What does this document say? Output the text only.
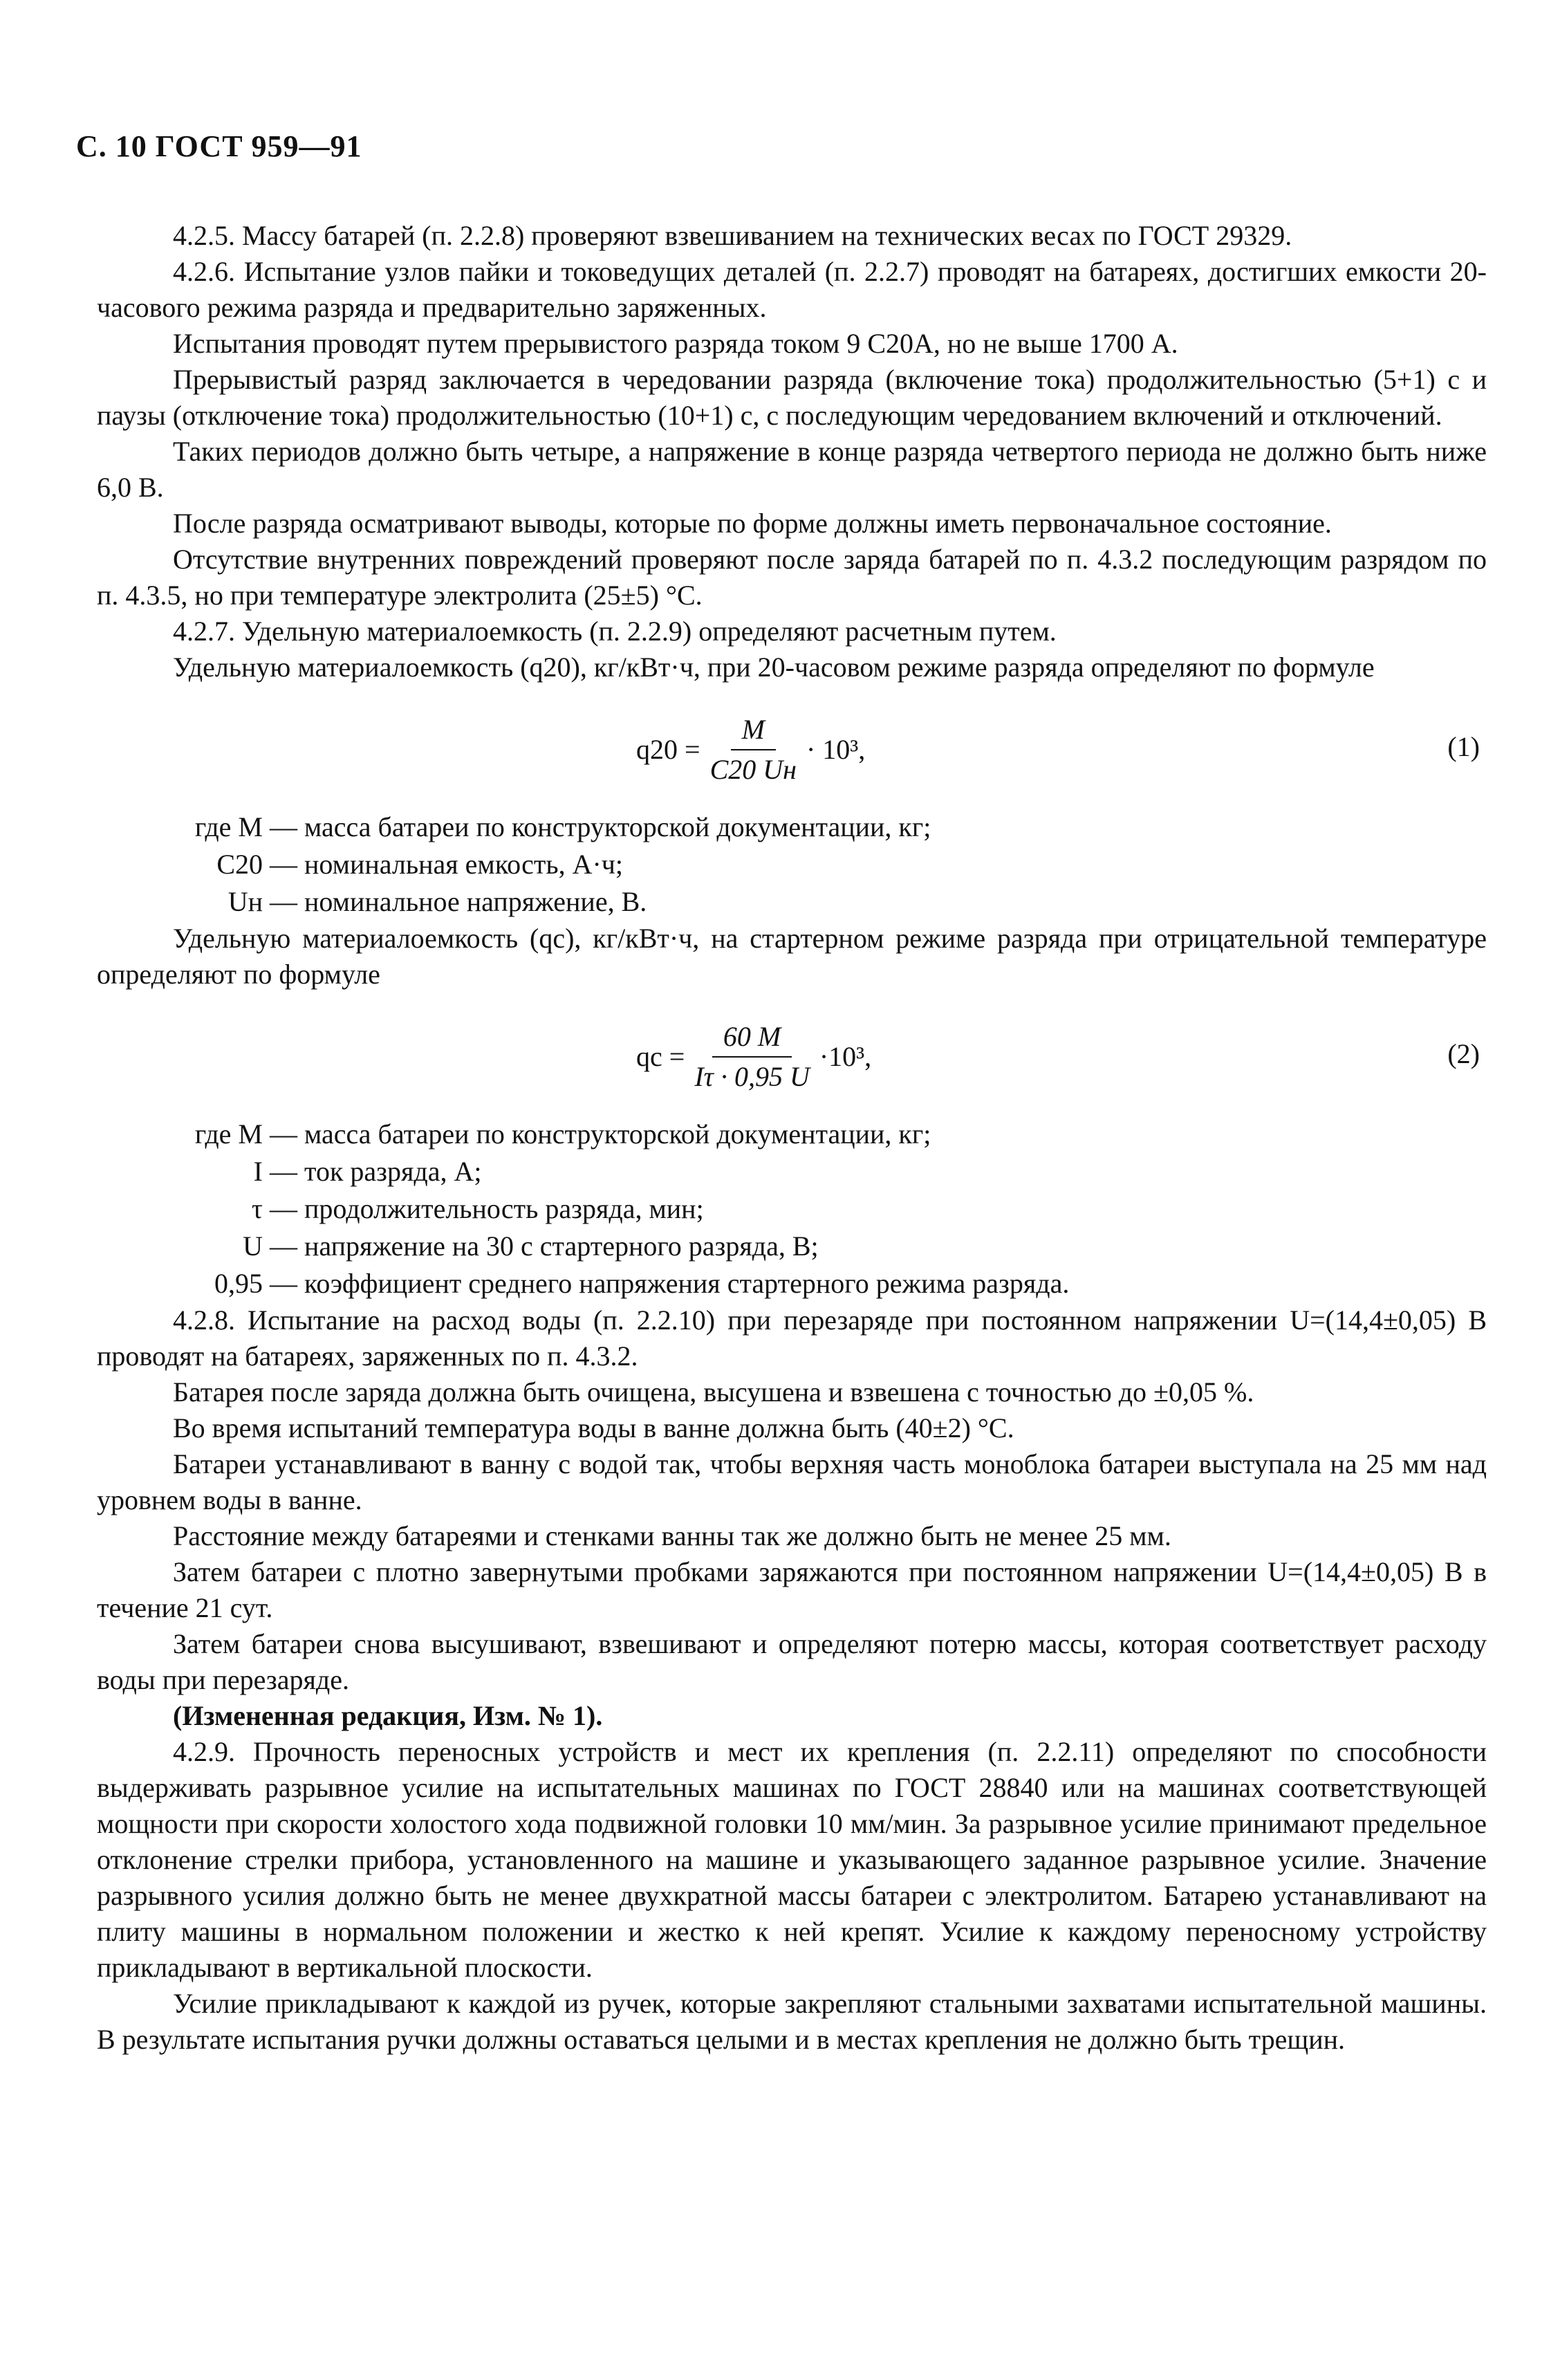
С. 10 ГОСТ 959—91

4.2.5. Массу батарей (п. 2.2.8) проверяют взвешиванием на технических весах по ГОСТ 29329.

4.2.6. Испытание узлов пайки и токоведущих деталей (п. 2.2.7) проводят на батареях, достигших емкости 20-часового режима разряда и предварительно заряженных.

Испытания проводят путем прерывистого разряда током 9 C20A, но не выше 1700 А.

Прерывистый разряд заключается в чередовании разряда (включение тока) продолжительностью (5+1) с и паузы (отключение тока) продолжительностью (10+1) с, с последующим чередованием включений и отключений.

Таких периодов должно быть четыре, а напряжение в конце разряда четвертого периода не должно быть ниже 6,0 В.

После разряда осматривают выводы, которые по форме должны иметь первоначальное состояние.

Отсутствие внутренних повреждений проверяют после заряда батарей по п. 4.3.2 последующим разрядом по п. 4.3.5, но при температуре электролита (25±5) °С.

4.2.7. Удельную материалоемкость (п. 2.2.9) определяют расчетным путем.

Удельную материалоемкость (q20), кг/кВт·ч, при 20-часовом режиме разряда определяют по формуле

$q20 = \frac{M}{C20 Uн} \cdot 10^3$,	(1)
где M — масса батареи по конструкторской документации, кг;
C20 — номинальная емкость, А·ч;
Uн — номинальное напряжение, В.

Удельную материалоемкость (qc), кг/кВт·ч, на стартерном режиме разряда при отрицательной температуре определяют по формуле

qc = $\frac{60 M}{I\tau \cdot 0,95 U} \cdot 10^3$,	(2)
где M — масса батареи по конструкторской документации, кг;
I — ток разряда, А;
τ — продолжительность разряда, мин;
U — напряжение на 30 с стартерного разряда, В;
0,95 — коэффициент среднего напряжения стартерного режима разряда.

4.2.8. Испытание на расход воды (п. 2.2.10) при перезаряде при постоянном напряжении U=(14,4±0,05) В проводят на батареях, заряженных по п. 4.3.2.

Батарея после заряда должна быть очищена, высушена и взвешена с точностью до ±0,05 %.

Во время испытаний температура воды в ванне должна быть (40±2) °С.

Батареи устанавливают в ванну с водой так, чтобы верхняя часть моноблока батареи выступала на 25 мм над уровнем воды в ванне.

Расстояние между батареями и стенками ванны так же должно быть не менее 25 мм.

Затем батареи с плотно завернутыми пробками заряжаются при постоянном напряжении U=(14,4±0,05) В в течение 21 сут.

Затем батареи снова высушивают, взвешивают и определяют потерю массы, которая соответствует расходу воды при перезаряде.

(Измененная редакция, Изм. № 1).

4.2.9. Прочность переносных устройств и мест их крепления (п. 2.2.11) определяют по способности выдерживать разрывное усилие на испытательных машинах по ГОСТ 28840 или на машинах соответствующей мощности при скорости холостого хода подвижной головки 10 мм/мин. За разрывное усилие принимают предельное отклонение стрелки прибора, установленного на машине и указывающего заданное разрывное усилие. Значение разрывного усилия должно быть не менее двухкратной массы батареи с электролитом. Батарею устанавливают на плиту машины в нормальном положении и жестко к ней крепят. Усилие к каждому переносному устройству прикладывают в вертикальной плоскости.

Усилие прикладывают к каждой из ручек, которые закрепляют стальными захватами испытательной машины. В результате испытания ручки должны оставаться целыми и в местах крепления не должно быть трещин.
